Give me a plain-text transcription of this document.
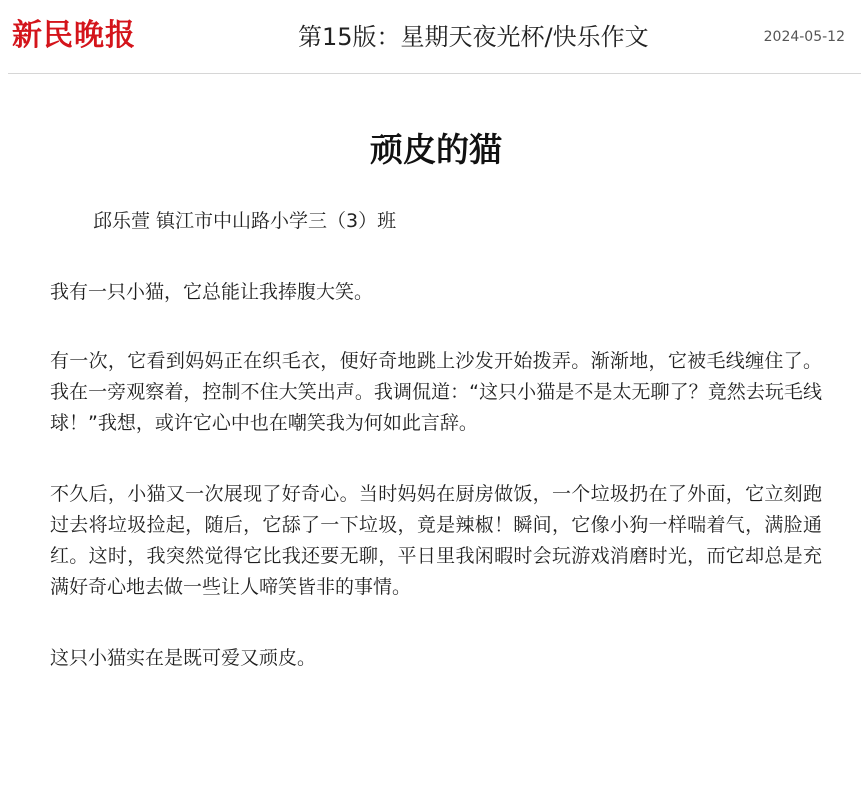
新民晚报	第15版：星期天夜光杯/快乐作文	2024-05-12
顽皮的猫
邱乐萱 镇江市中山路小学三（3）班

我有一只小猫，它总能让我捧腹大笑。

有一次，它看到妈妈正在织毛衣，便好奇地跳上沙发开始拨弄。渐渐地，它被毛线缠住了。我在一旁观察着，控制不住大笑出声。我调侃道：“这只小猫是不是太无聊了？竟然去玩毛线球！”我想，或许它心中也在嘲笑我为何如此言辞。

不久后，小猫又一次展现了好奇心。当时妈妈在厨房做饭，一个垃圾扔在了外面，它立刻跑过去将垃圾捡起，随后，它舔了一下垃圾，竟是辣椒！瞬间，它像小狗一样喘着气，满脸通红。这时，我突然觉得它比我还要无聊，平日里我闲暇时会玩游戏消磨时光，而它却总是充满好奇心地去做一些让人啼笑皆非的事情。

这只小猫实在是既可爱又顽皮。
